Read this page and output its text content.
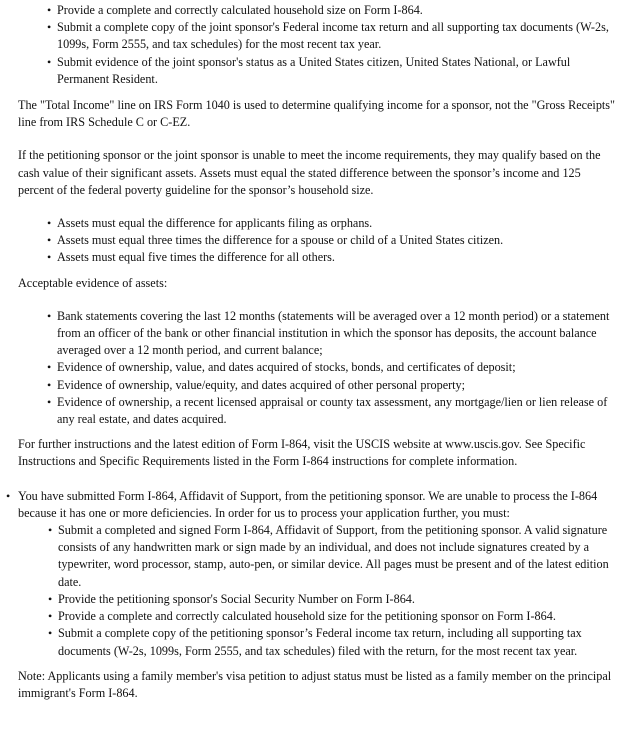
• Provide a complete and correctly calculated household size on Form I-864.
• Submit a complete copy of the joint sponsor's Federal income tax return and all supporting tax documents (W-2s, 1099s, Form 2555, and tax schedules) for the most recent tax year.
• Submit evidence of the joint sponsor's status as a United States citizen, United States National, or Lawful Permanent Resident.

The "Total Income" line on IRS Form 1040 is used to determine qualifying income for a sponsor, not the "Gross Receipts" line from IRS Schedule C or C-EZ.

If the petitioning sponsor or the joint sponsor is unable to meet the income requirements, they may qualify based on the cash value of their significant assets. Assets must equal the stated difference between the sponsor’s income and 125 percent of the federal poverty guideline for the sponsor’s household size.

• Assets must equal the difference for applicants filing as orphans.
• Assets must equal three times the difference for a spouse or child of a United States citizen.
• Assets must equal five times the difference for all others.

Acceptable evidence of assets:

• Bank statements covering the last 12 months (statements will be averaged over a 12 month period) or a statement from an officer of the bank or other financial institution in which the sponsor has deposits, the account balance averaged over a 12 month period, and current balance;
• Evidence of ownership, value, and dates acquired of stocks, bonds, and certificates of deposit;
• Evidence of ownership, value/equity, and dates acquired of other personal property;
• Evidence of ownership, a recent licensed appraisal or county tax assessment, any mortgage/lien or lien release of any real estate, and dates acquired.

For further instructions and the latest edition of Form I-864, visit the USCIS website at www.uscis.gov. See Specific Instructions and Specific Requirements listed in the Form I-864 instructions for complete information.

• You have submitted Form I-864, Affidavit of Support, from the petitioning sponsor. We are unable to process the I-864 because it has one or more deficiencies. In order for us to process your application further, you must:
• Submit a completed and signed Form I-864, Affidavit of Support, from the petitioning sponsor. A valid signature consists of any handwritten mark or sign made by an individual, and does not include signatures created by a typewriter, word processor, stamp, auto-pen, or similar device. All pages must be present and of the latest edition date.
• Provide the petitioning sponsor's Social Security Number on Form I-864.
• Provide a complete and correctly calculated household size for the petitioning sponsor on Form I-864.
• Submit a complete copy of the petitioning sponsor’s Federal income tax return, including all supporting tax documents (W-2s, 1099s, Form 2555, and tax schedules) filed with the return, for the most recent tax year.

Note: Applicants using a family member's visa petition to adjust status must be listed as a family member on the principal immigrant's Form I-864.
